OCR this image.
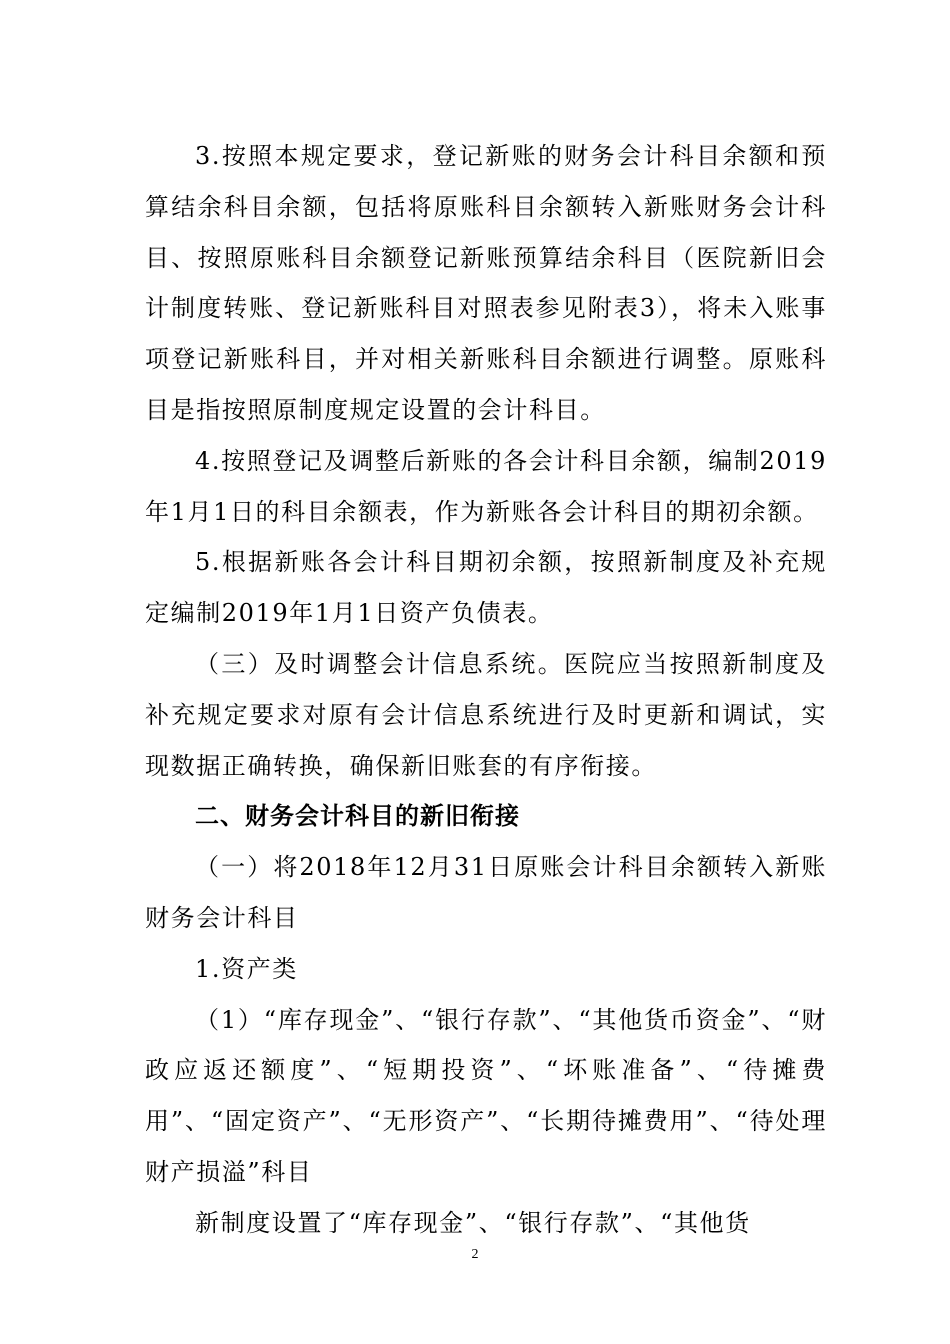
3.按照本规定要求，登记新账的财务会计科目余额和预算结余科目余额，包括将原账科目余额转入新账财务会计科目、按照原账科目余额登记新账预算结余科目（医院新旧会计制度转账、登记新账科目对照表参见附表3），将未入账事项登记新账科目，并对相关新账科目余额进行调整。原账科目是指按照原制度规定设置的会计科目。

4.按照登记及调整后新账的各会计科目余额，编制2019年1月1日的科目余额表，作为新账各会计科目的期初余额。

5.根据新账各会计科目期初余额，按照新制度及补充规定编制2019年1月1日资产负债表。

（三）及时调整会计信息系统。医院应当按照新制度及补充规定要求对原有会计信息系统进行及时更新和调试，实现数据正确转换，确保新旧账套的有序衔接。

二、财务会计科目的新旧衔接

（一）将2018年12月31日原账会计科目余额转入新账财务会计科目

1.资产类

（1）“库存现金”、“银行存款”、“其他货币资金”、“财政应返还额度”、“短期投资”、“坏账准备”、“待摊费用”、“固定资产”、“无形资产”、“长期待摊费用”、“待处理财产损溢”科目

新制度设置了“库存现金”、“银行存款”、“其他货

2
